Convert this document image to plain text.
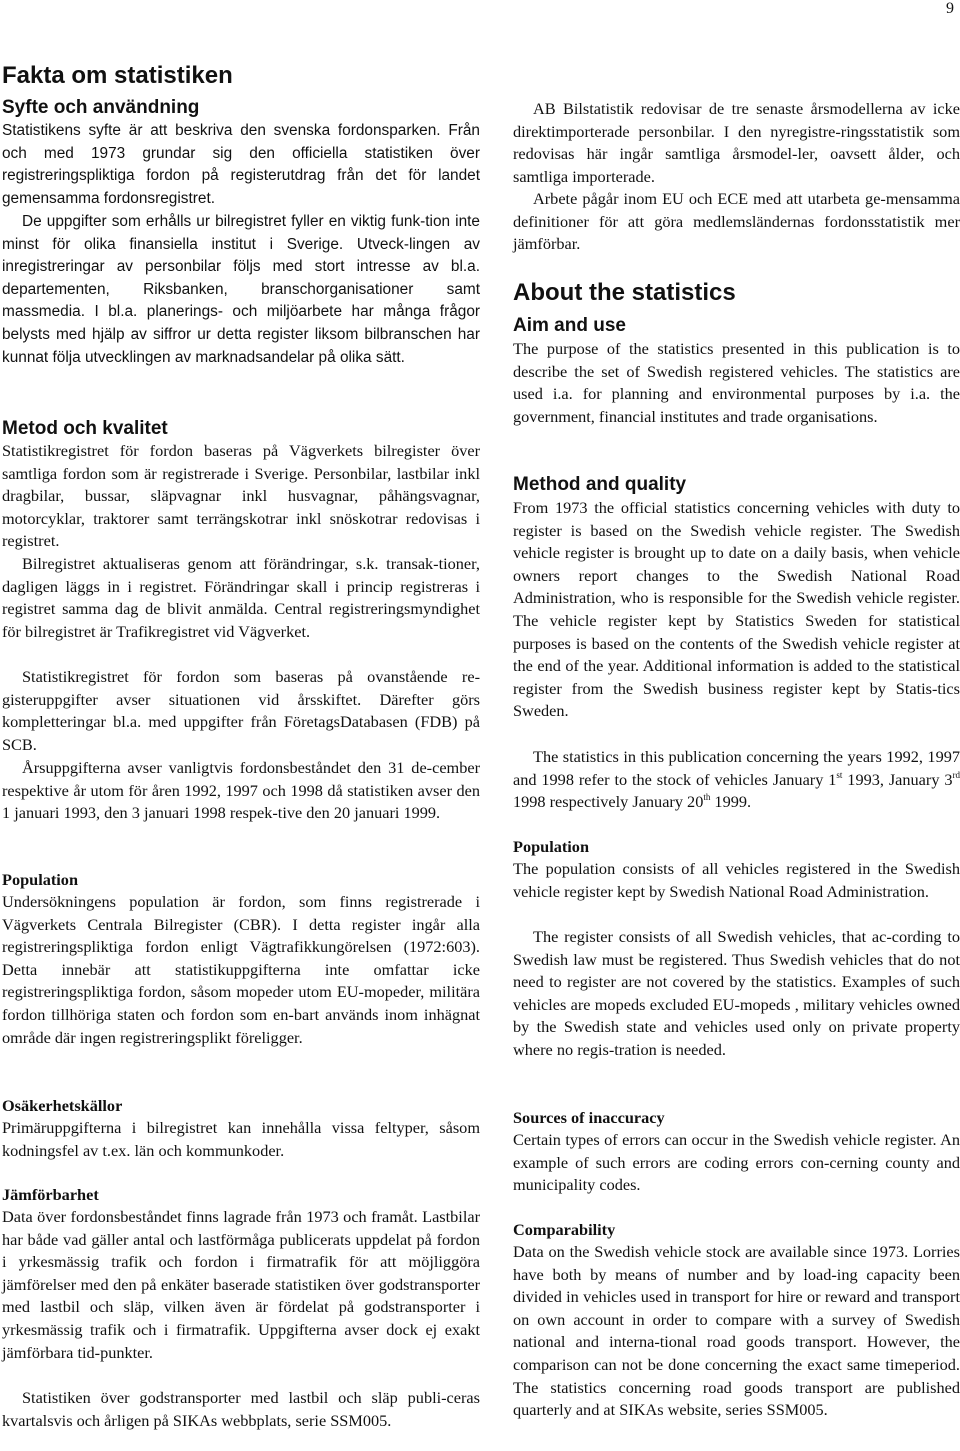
9
Fakta om statistiken
Syfte och användning

Statistikens syfte är att beskriva den svenska fordonsparken. Från och med 1973 grundar sig den officiella statistiken över registreringspliktiga fordon på registerutdrag från det för landet gemensamma fordonsregistret.

De uppgifter som erhålls ur bilregistret fyller en viktig funk-tion inte minst för olika finansiella institut i Sverige. Utveck-lingen av inregistreringar av personbilar följs med stort intresse av bl.a. departementen, Riksbanken, branschorganisationer samt massmedia. I bl.a. planerings- och miljöarbete har många frågor belysts med hjälp av siffror ur detta register liksom bilbranschen har kunnat följa utvecklingen av marknadsandelar på olika sätt.

Metod och kvalitet

Statistikregistret för fordon baseras på Vägverkets bilregister över samtliga fordon som är registrerade i Sverige. Personbilar, lastbilar inkl dragbilar, bussar, släpvagnar inkl husvagnar, påhängsvagnar, motorcyklar, traktorer samt terrängskotrar inkl snöskotrar redovisas i registret.

Bilregistret aktualiseras genom att förändringar, s.k. transak-tioner, dagligen läggs in i registret. Förändringar skall i princip registreras i registret samma dag de blivit anmälda. Central registreringsmyndighet för bilregistret är Trafikregistret vid Vägverket.

Statistikregistret för fordon som baseras på ovanstående re-gisteruppgifter avser situationen vid årsskiftet. Därefter görs kompletteringar bl.a. med uppgifter från FöretagsDatabasen (FDB) på SCB.

Årsuppgifterna avser vanligtvis fordonsbeståndet den 31 de-cember respektive år utom för åren 1992, 1997 och 1998 då statistiken avser den 1 januari 1993, den 3 januari 1998 respek-tive den 20 januari 1999.

Population

Undersökningens population är fordon, som finns registrerade i Vägverkets Centrala Bilregister (CBR). I detta register ingår alla registreringspliktiga fordon enligt Vägtrafikkungörelsen (1972:603). Detta innebär att statistikuppgifterna inte omfattar icke registreringspliktiga fordon, såsom mopeder utom EU-mopeder, militära fordon tillhöriga staten och fordon som en-bart används inom inhägnat område där ingen registreringsplikt föreligger.

Osäkerhetskällor

Primäruppgifterna i bilregistret kan innehålla vissa feltyper, såsom kodningsfel av t.ex. län och kommunkoder.

Jämförbarhet

Data över fordonsbeståndet finns lagrade från 1973 och framåt. Lastbilar har både vad gäller antal och lastförmåga publicerats uppdelat på fordon i yrkesmässig trafik och fordon i firmatrafik för att möjliggöra jämförelser med den på enkäter baserade statistiken över godstransporter med lastbil och släp, vilken även är fördelat på godstransporter i yrkesmässig trafik och i firmatrafik. Uppgifterna avser dock ej exakt jämförbara tid-punkter.

Statistiken över godstransporter med lastbil och släp publi-ceras kvartalsvis och årligen på SIKAs webbplats, serie SSM005.

AB Bilstatistik redovisar de tre senaste årsmodellerna av icke direktimporterade personbilar. I den nyregistre-ringsstatistik som redovisas här ingår samtliga årsmodel-ler, oavsett ålder, och samtliga importerade.

Arbete pågår inom EU och ECE med att utarbeta ge-mensamma definitioner för att göra medlemsländernas fordonsstatistik mer jämförbar.

About the statistics
Aim and use

The purpose of the statistics presented in this publication is to describe the set of Swedish registered vehicles. The statistics are used i.a. for planning and environmental purposes by i.a. the government, financial institutes and trade organisations.

Method and quality

From 1973 the official statistics concerning vehicles with duty to register is based on the Swedish vehicle register. The Swedish vehicle register is brought up to date on a daily basis, when vehicle owners report changes to the Swedish National Road Administration, who is responsible for the Swedish vehicle register. The vehicle register kept by Statistics Sweden for statistical purposes is based on the contents of the Swedish vehicle register at the end of the year. Additional information is added to the statistical register from the Swedish business register kept by Statis-tics Sweden.

The statistics in this publication concerning the years 1992, 1997 and 1998 refer to the stock of vehicles January 1st 1993, January 3rd 1998 respectively January 20th 1999.

Population

The population consists of all vehicles registered in the Swedish vehicle register kept by Swedish National Road Administration.

The register consists of all Swedish vehicles, that ac-cording to Swedish law must be registered. Thus Swedish vehicles that do not need to register are not covered by the statistics. Examples of such vehicles are mopeds excluded EU-mopeds , military vehicles owned by the Swedish state and vehicles used only on private property where no regis-tration is needed.

Sources of inaccuracy

Certain types of errors can occur in the Swedish vehicle register. An example of such errors are coding errors con-cerning county and municipality codes.

Comparability

Data on the Swedish vehicle stock are available since 1973. Lorries have both by means of number and by load-ing capacity been divided in vehicles used in transport for hire or reward and transport on own account in order to compare with a survey of Swedish national and interna-tional road goods transport. However, the comparison can not be done concerning the exact same timeperiod. The statistics concerning road goods transport are published quarterly and at SIKAs website, series SSM005.
